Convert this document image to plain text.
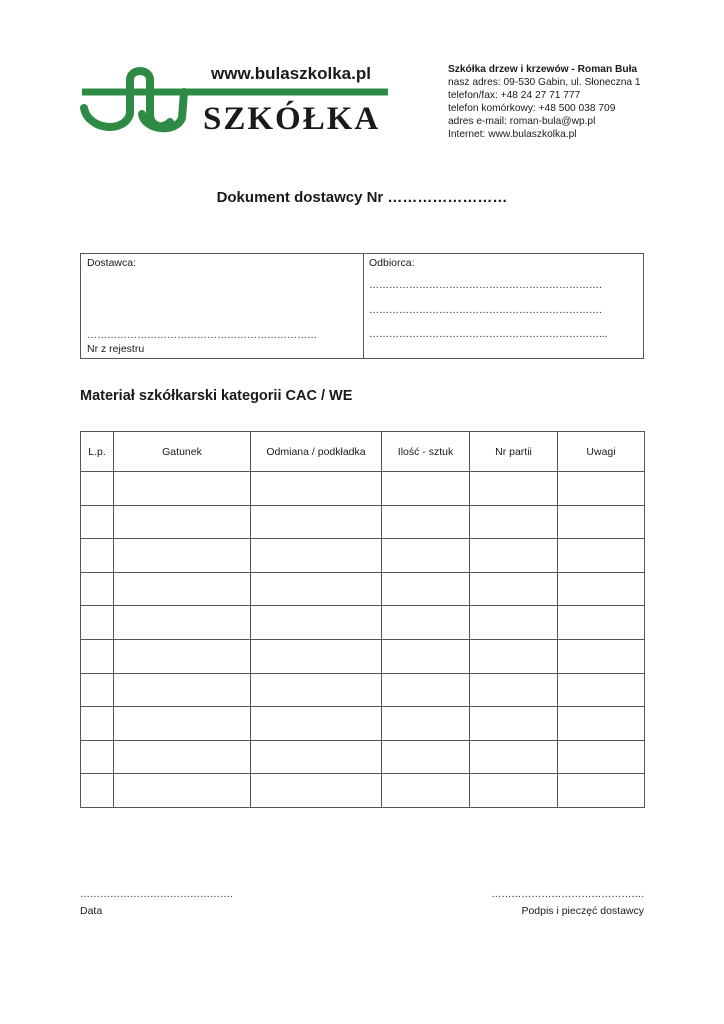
www.bulaszkolka.pl
SZKÓŁKA
Szkółka drzew i krzewów - Roman Buła
nasz adres: 09-530 Gabin, ul. Słoneczna 1
telefon/fax: +48 24 27 71 777
telefon komórkowy: +48 500 038 709
adres e-mail: roman-bula@wp.pl
Internet: www.bulaszkolka.pl
Dokument dostawcy Nr ……………………
Dostawca:
……………………………………………………………
Nr z rejestru
Odbiorca:
…………………………………………………………….
…………………………………………………………….
……………………………………………………………...
Materiał szkółkarski kategorii CAC / WE
L.p.	Gatunek	Odmiana / podkładka	Ilość - sztuk	Nr partii	Uwagi

……………………………………….
Data
……………………………………….
Podpis i pieczęć dostawcy
